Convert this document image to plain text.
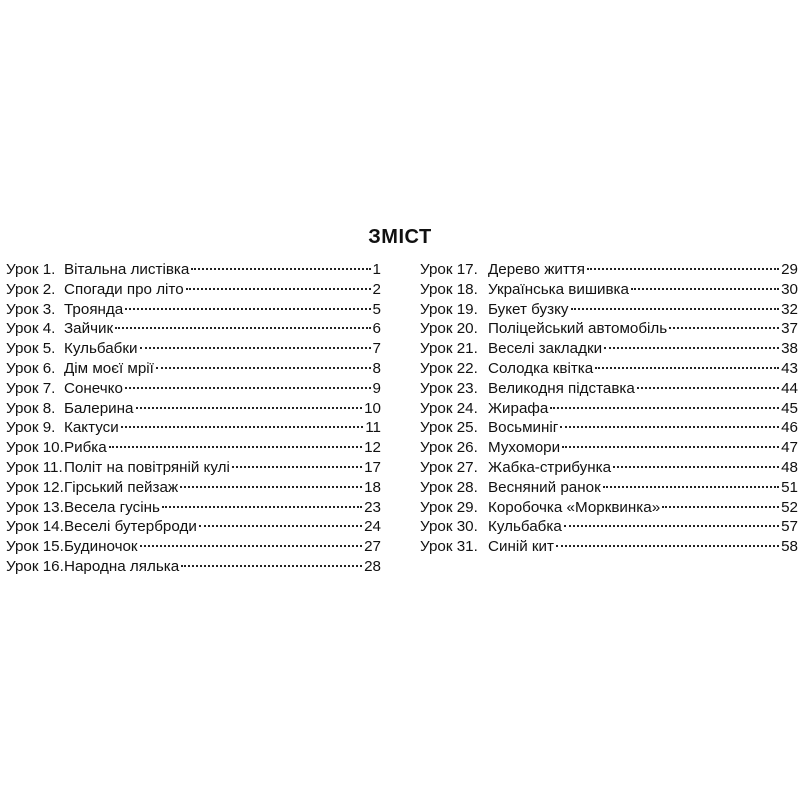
ЗМІСТ
Урок 1. Вітальна листівка	1
Урок 2. Спогади про літо	2
Урок 3. Троянда	5
Урок 4. Зайчик	6
Урок 5. Кульбабки	7
Урок 6. Дім моєї мрії	8
Урок 7. Сонечко	9
Урок 8. Балерина	10
Урок 9. Кактуси	11
Урок 10. Рибка	12
Урок 11. Політ на повітряній кулі	17
Урок 12. Гірський пейзаж	18
Урок 13. Весела гусінь	23
Урок 14. Веселі бутерброди	24
Урок 15. Будиночок	27
Урок 16. Народна лялька	28
Урок 17. Дерево життя	29
Урок 18. Українська вишивка	30
Урок 19. Букет бузку	32
Урок 20. Поліцейський автомобіль	37
Урок 21. Веселі закладки	38
Урок 22. Солодка квітка	43
Урок 23. Великодня підставка	44
Урок 24. Жирафа	45
Урок 25. Восьминіг	46
Урок 26. Мухомори	47
Урок 27. Жабка-стрибунка	48
Урок 28. Весняний ранок	51
Урок 29. Коробочка «Морквинка»	52
Урок 30. Кульбабка	57
Урок 31. Синій кит	58
